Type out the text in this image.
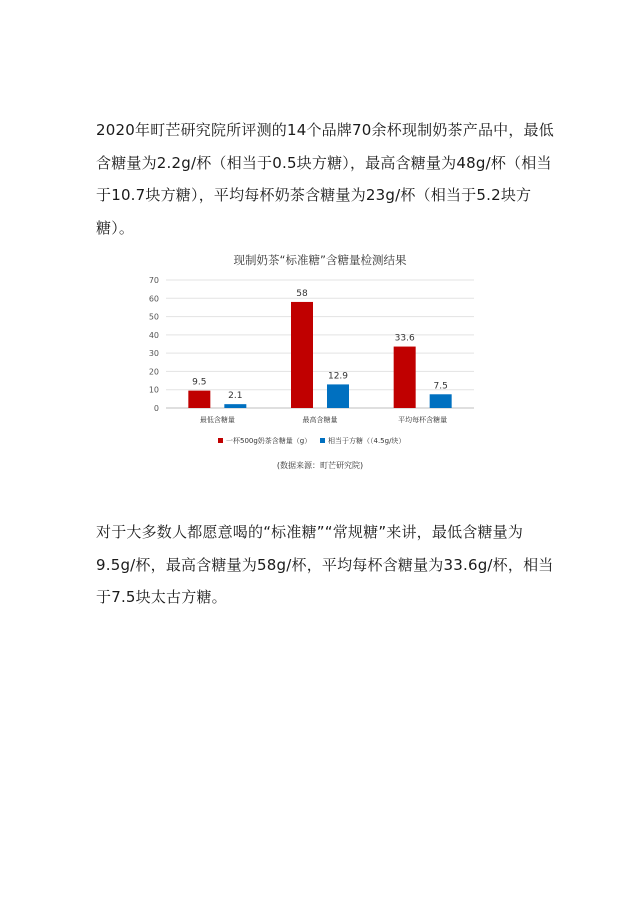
2020年町芒研究院所评测的14个品牌70余杯现制奶茶产品中，最低含糖量为2.2g/杯（相当于0.5块方糖），最高含糖量为48g/杯（相当于10.7块方糖），平均每杯奶茶含糖量为23g/杯（相当于5.2块方糖）。

现制奶茶“标准糖”含糖量检测结果
0
10
20
30
40
50
60
70
9.5
2.1
最低含糖量
58
12.9
最高含糖量
33.6
7.5
平均每杯含糖量
一杯500g奶茶含糖量（g） 相当于方糖（（4.5g/块）
(数据来源：町芒研究院)

对于大多数人都愿意喝的“标准糖”“常规糖”来讲，最低含糖量为9.5g/杯，最高含糖量为58g/杯，平均每杯含糖量为33.6g/杯，相当于7.5块太古方糖。
